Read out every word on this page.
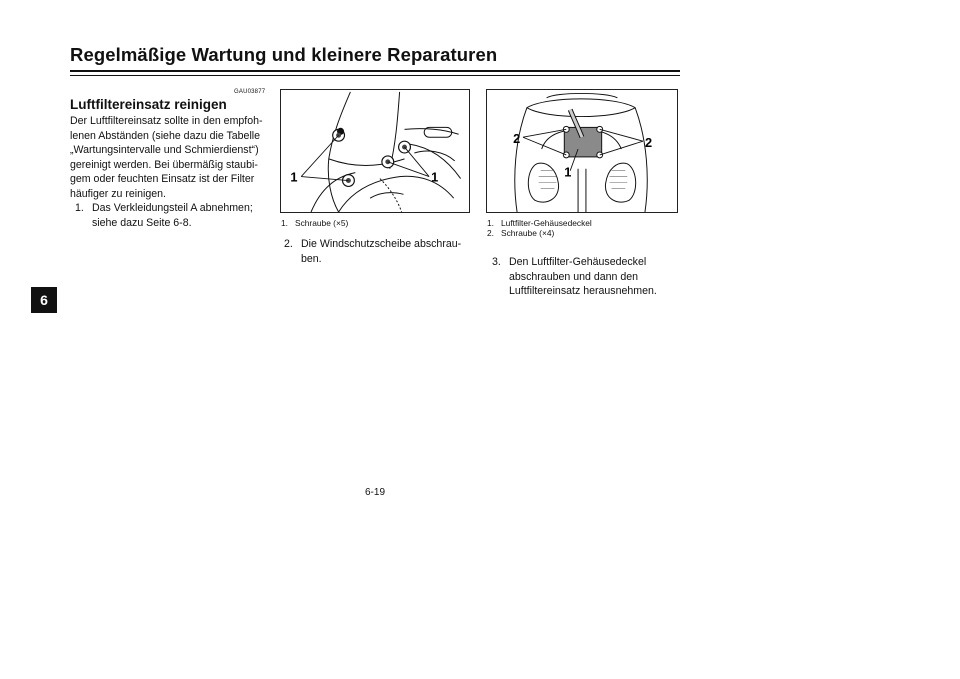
Regelmäßige Wartung und kleinere Reparaturen
6
GAU03877
Luftfiltereinsatz reinigen
Der Luftfiltereinsatz sollte in den empfoh-
lenen Abständen (siehe dazu die Tabelle
„Wartungsintervalle und Schmierdienst“)
gereinigt werden. Bei übermäßig staubi-
gem oder feuchten Einsatz ist der Filter
häufiger zu reinigen.
1. Das Verkleidungsteil A abnehmen;
siehe dazu Seite 6-8.
1	1
1. Schraube (×5)
2. Die Windschutzscheibe abschrau-
ben.
2	2
1
1. Luftfilter-Gehäusedeckel
2. Schraube (×4)
3. Den Luftfilter-Gehäusedeckel
abschrauben und dann den
Luftfiltereinsatz herausnehmen.
6-19
